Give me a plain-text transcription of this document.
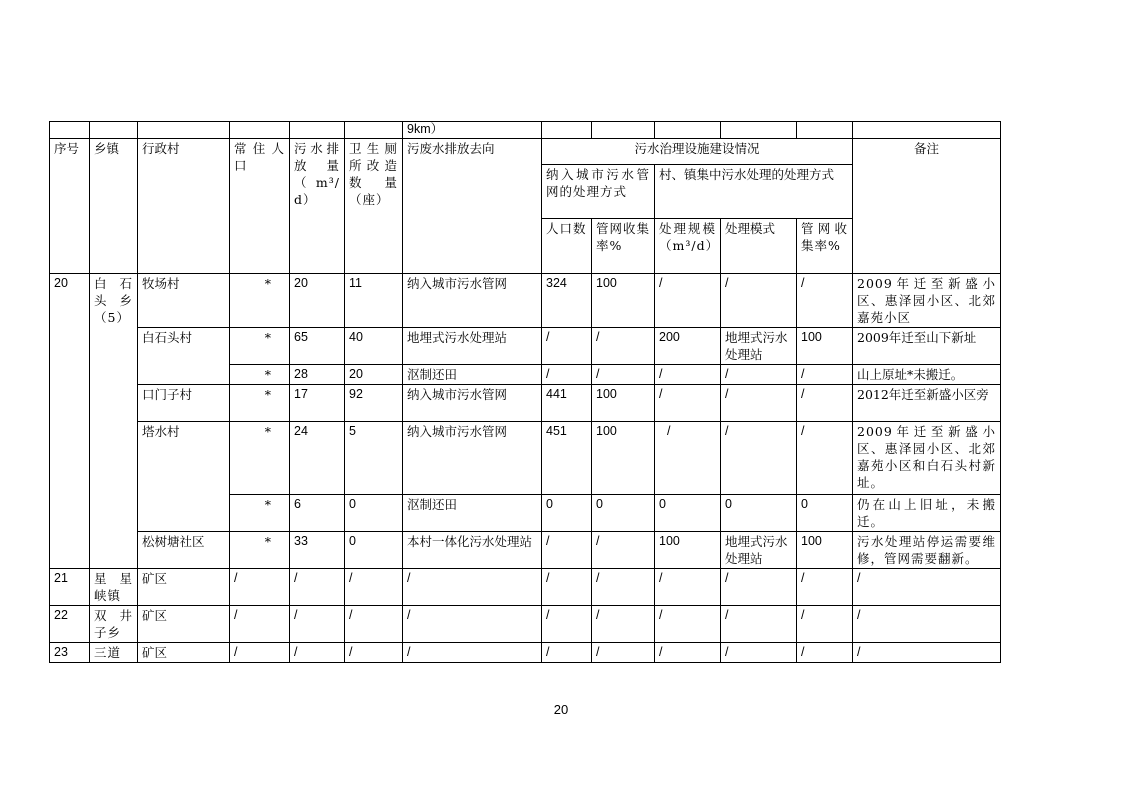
						9km）						
序号	乡镇	行政村	常住人口	污水排放量（m³/d）	卫生厕所改造数量（座）	污废水排放去向	污水治理设施建设情况					备注
							纳入城市污水管网的处理方式		村、镇集中污水处理的处理方式			
							人口数	管网收集率%	处理规模（m³/d）	处理模式	管网收集率%	
20	白石头乡（5）	牧场村	*	20	11	纳入城市污水管网	324	100	/	/	/	2009年迁至新盛小区、惠泽园小区、北郊嘉苑小区
		白石头村	*	65	40	地埋式污水处理站	/	/	200	地埋式污水处理站	100	2009年迁至山下新址
			*	28	20	沤制还田	/	/	/	/	/	山上原址*未搬迁。
		口门子村	*	17	92	纳入城市污水管网	441	100	/	/	/	2012年迁至新盛小区旁
		塔水村	*	24	5	纳入城市污水管网	451	100	/	/	/	2009年迁至新盛小区、惠泽园小区、北郊嘉苑小区和白石头村新址。
			*	6	0	沤制还田	0	0	0	0	0	仍在山上旧址，未搬迁。
		松树塘社区	*	33	0	本村一体化污水处理站	/	/	100	地埋式污水处理站	100	污水处理站停运需要维修，管网需要翻新。
21	星星峡镇	矿区	/	/	/	/	/	/	/	/	/	/
22	双井子乡	矿区	/	/	/	/	/	/	/	/	/	/
23	三道	矿区	/	/	/	/	/	/	/	/	/	/
20
